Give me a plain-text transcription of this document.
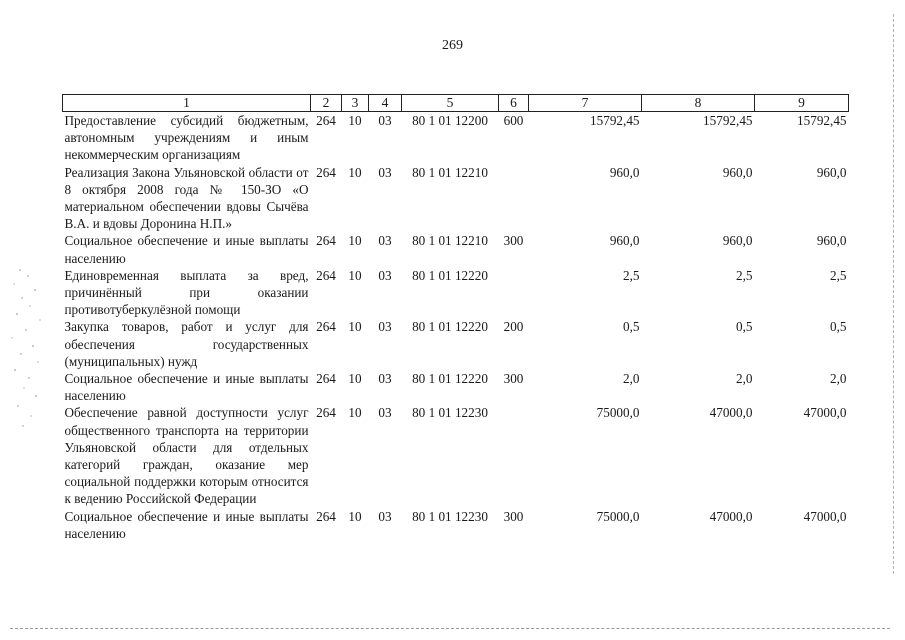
269
1	2	3	4	5	6	7	8	9
Предоставление субсидий бюджетным, автономным учреждениям и иным некоммерческим организациям	264	10	03	80 1 01 12200	600	15792,45	15792,45	15792,45
Реализация Закона Ульяновской области от 8 октября 2008 года № 150-ЗО «О материальном обеспечении вдовы Сычёва В.А. и вдовы Доронина Н.П.»	264	10	03	80 1 01 12210		960,0	960,0	960,0
Социальное обеспечение и иные выплаты населению	264	10	03	80 1 01 12210	300	960,0	960,0	960,0
Единовременная выплата за вред, причинённый при оказании противотуберкулёзной помощи	264	10	03	80 1 01 12220		2,5	2,5	2,5
Закупка товаров, работ и услуг для обеспечения государственных (муниципальных) нужд	264	10	03	80 1 01 12220	200	0,5	0,5	0,5
Социальное обеспечение и иные выплаты населению	264	10	03	80 1 01 12220	300	2,0	2,0	2,0
Обеспечение равной доступности услуг общественного транспорта на территории Ульяновской области для отдельных категорий граждан, оказание мер социальной поддержки которым относится к ведению Российской Федерации	264	10	03	80 1 01 12230		75000,0	47000,0	47000,0
Социальное обеспечение и иные выплаты населению	264	10	03	80 1 01 12230	300	75000,0	47000,0	47000,0
